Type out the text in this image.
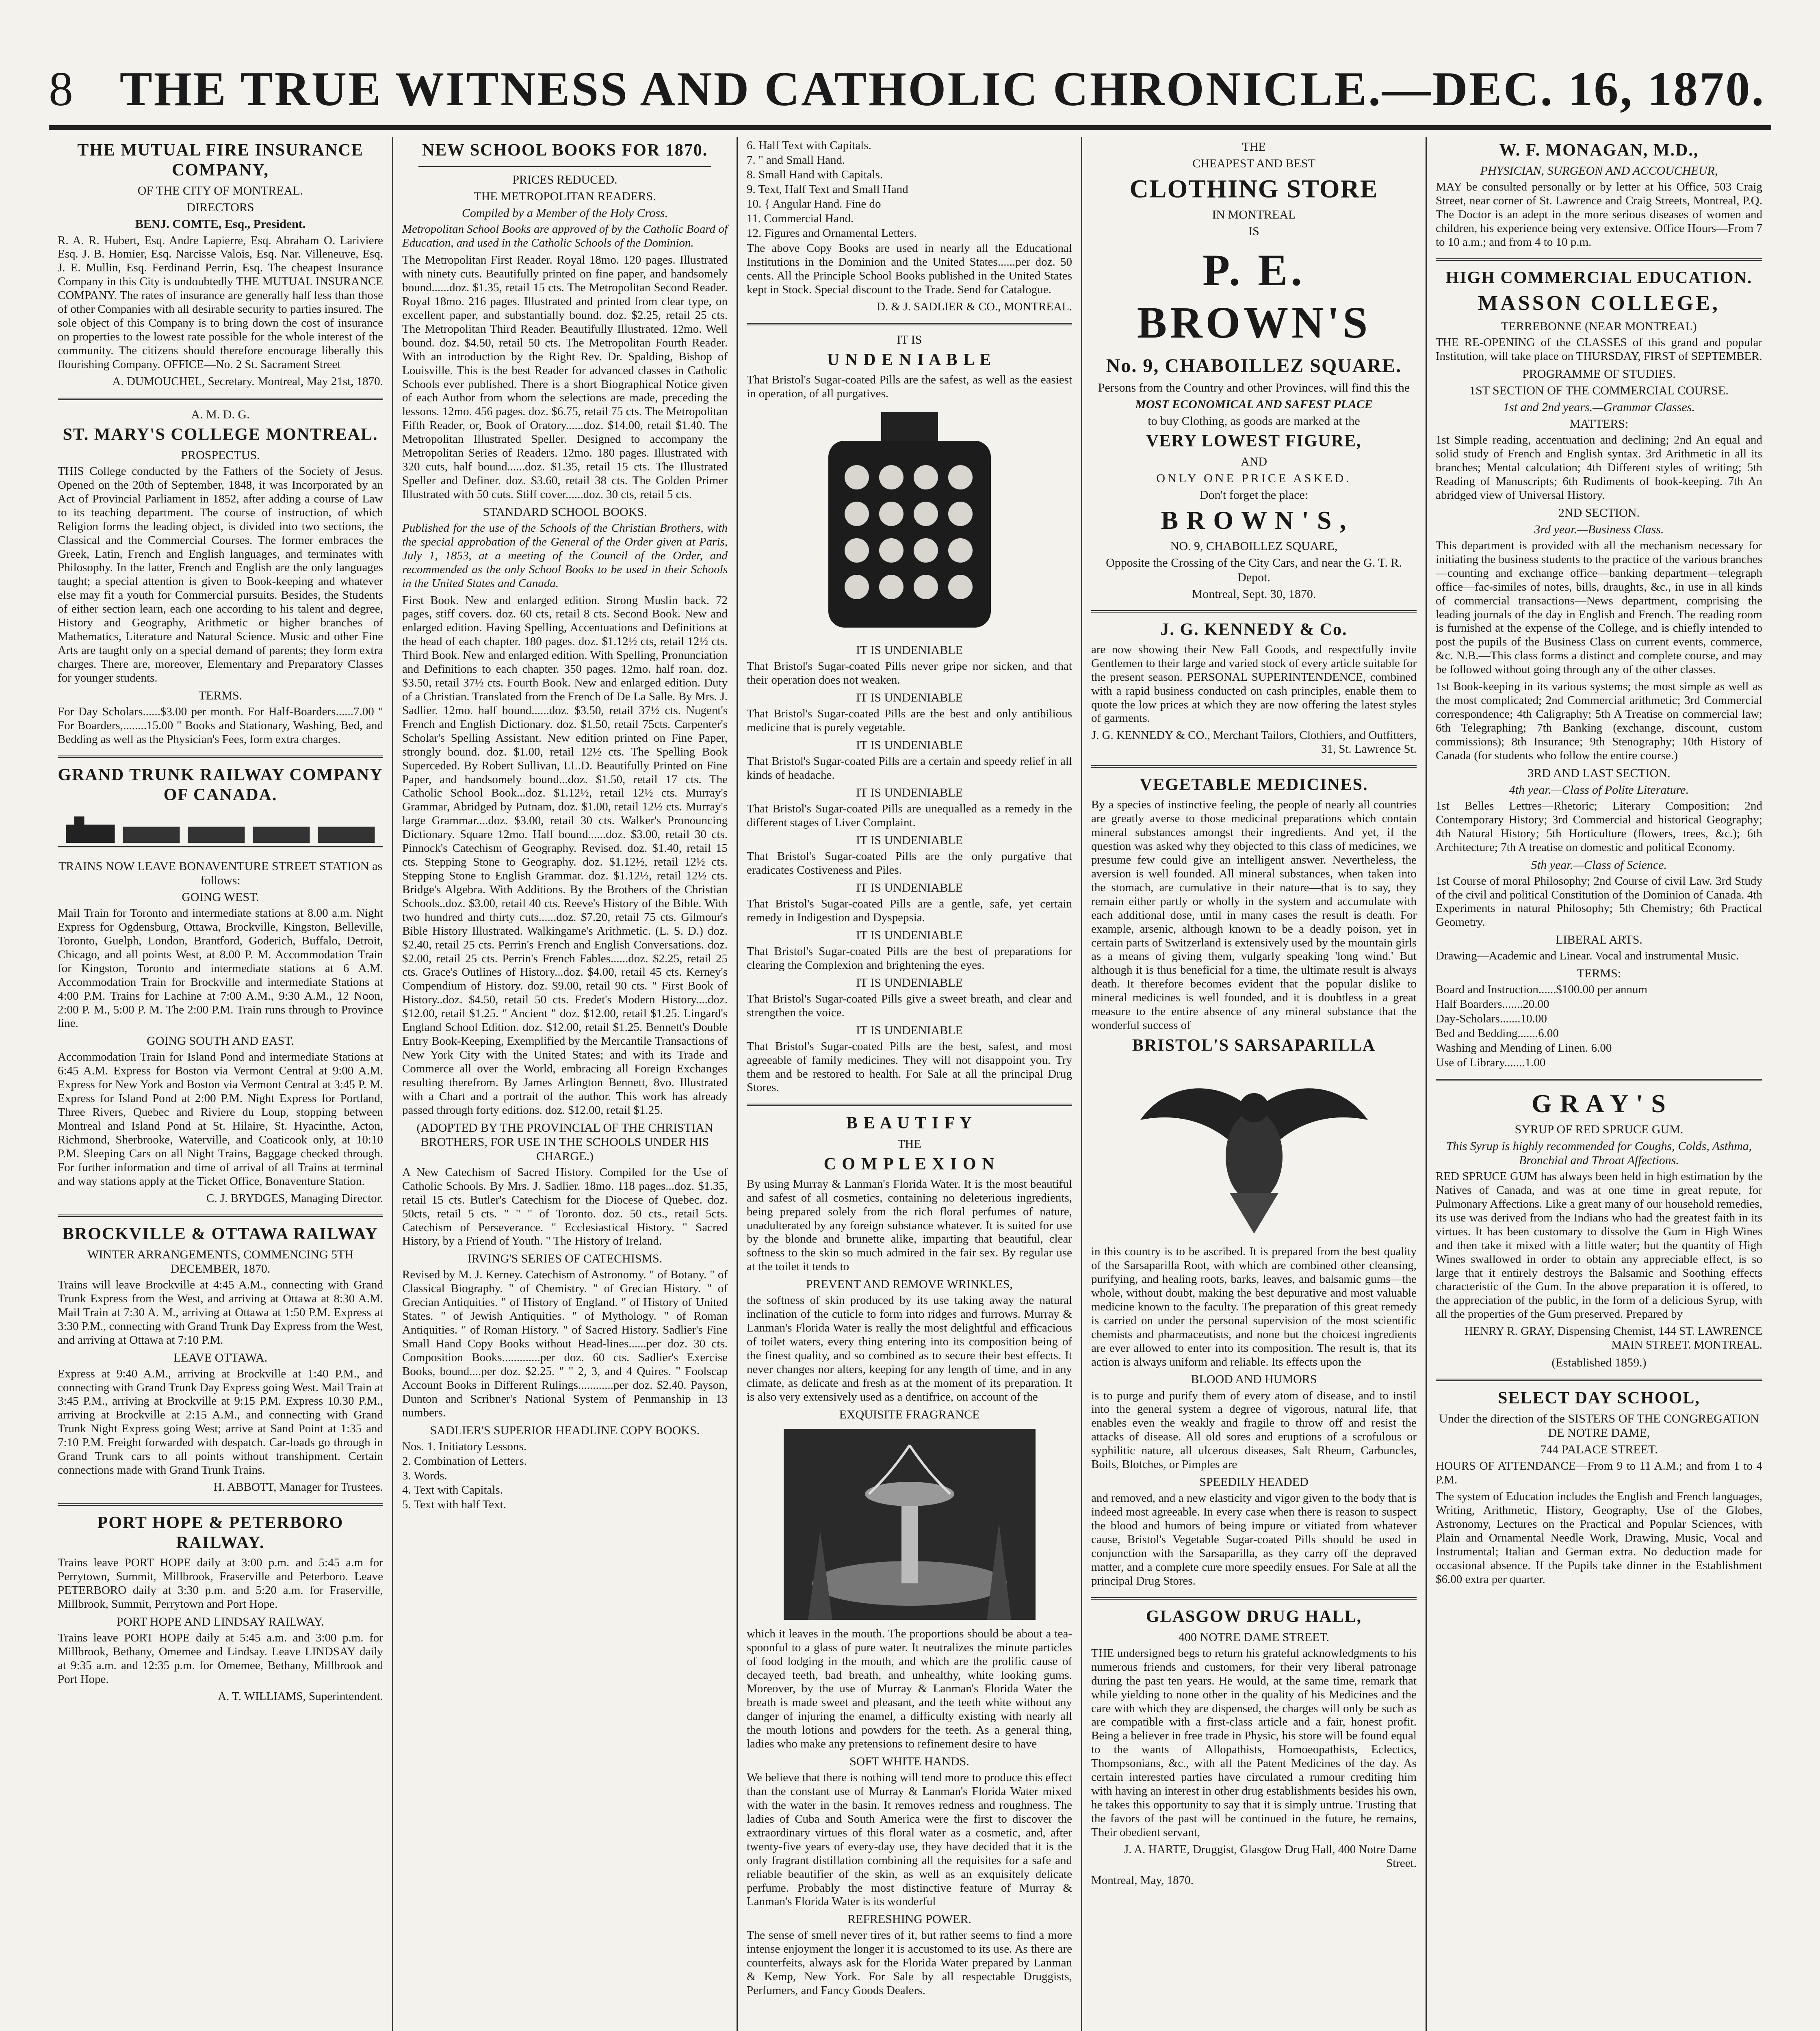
8 THE TRUE WITNESS AND CATHOLIC CHRONICLE.—DEC. 16, 1870.
THE MUTUAL FIRE INSURANCE COMPANY,
OF THE CITY OF MONTREAL.
DIRECTORS
BENJ. COMTE, Esq., President.

R. A. R. Hubert, Esq. Andre Lapierre, Esq. Abraham O. Lariviere Esq. J. B. Homier, Esq. Narcisse Valois, Esq. Nar. Villeneuve, Esq. J. E. Mullin, Esq. Ferdinand Perrin, Esq. The cheapest Insurance Company in this City is undoubtedly THE MUTUAL INSURANCE COMPANY. The rates of insurance are generally half less than those of other Companies with all desirable security to parties insured. The sole object of this Company is to bring down the cost of insurance on properties to the lowest rate possible for the whole interest of the community. The citizens should therefore encourage liberally this flourishing Company. OFFICE—No. 2 St. Sacrament Street

A. DUMOUCHEL, Secretary. Montreal, May 21st, 1870.

A. M. D. G.
ST. MARY'S COLLEGE MONTREAL.
PROSPECTUS.

THIS College conducted by the Fathers of the Society of Jesus. Opened on the 20th of September, 1848, it was Incorporated by an Act of Provincial Parliament in 1852, after adding a course of Law to its teaching department. The course of instruction, of which Religion forms the leading object, is divided into two sections, the Classical and the Commercial Courses. The former embraces the Greek, Latin, French and English languages, and terminates with Philosophy. In the latter, French and English are the only languages taught; a special attention is given to Book-keeping and whatever else may fit a youth for Commercial pursuits. Besides, the Students of either section learn, each one according to his talent and degree, History and Geography, Arithmetic or higher branches of Mathematics, Literature and Natural Science. Music and other Fine Arts are taught only on a special demand of parents; they form extra charges. There are, moreover, Elementary and Preparatory Classes for younger students.

TERMS.

For Day Scholars......$3.00 per month. For Half-Boarders......7.00 " For Boarders,........15.00 " Books and Stationary, Washing, Bed, and Bedding as well as the Physician's Fees, form extra charges.

GRAND TRUNK RAILWAY COMPANY OF CANADA.
TRAINS NOW LEAVE BONAVENTURE STREET STATION as follows:
GOING WEST.

Mail Train for Toronto and intermediate stations at 8.00 a.m. Night Express for Ogdensburg, Ottawa, Brockville, Kingston, Belleville, Toronto, Guelph, London, Brantford, Goderich, Buffalo, Detroit, Chicago, and all points West, at 8.00 P. M. Accommodation Train for Kingston, Toronto and intermediate stations at 6 A.M. Accommodation Train for Brockville and intermediate Stations at 4:00 P.M. Trains for Lachine at 7:00 A.M., 9:30 A.M., 12 Noon, 2:00 P. M., 5:00 P. M. The 2:00 P.M. Train runs through to Province line.

GOING SOUTH AND EAST.

Accommodation Train for Island Pond and intermediate Stations at 6:45 A.M. Express for Boston via Vermont Central at 9:00 A.M. Express for New York and Boston via Vermont Central at 3:45 P. M. Express for Island Pond at 2:00 P.M. Night Express for Portland, Three Rivers, Quebec and Riviere du Loup, stopping between Montreal and Island Pond at St. Hilaire, St. Hyacinthe, Acton, Richmond, Sherbrooke, Waterville, and Coaticook only, at 10:10 P.M. Sleeping Cars on all Night Trains, Baggage checked through. For further information and time of arrival of all Trains at terminal and way stations apply at the Ticket Office, Bonaventure Station.

C. J. BRYDGES, Managing Director.

BROCKVILLE & OTTAWA RAILWAY
WINTER ARRANGEMENTS, COMMENCING 5TH DECEMBER, 1870.

Trains will leave Brockville at 4:45 A.M., connecting with Grand Trunk Express from the West, and arriving at Ottawa at 8:30 A.M. Mail Train at 7:30 A. M., arriving at Ottawa at 1:50 P.M. Express at 3:30 P.M., connecting with Grand Trunk Day Express from the West, and arriving at Ottawa at 7:10 P.M.

LEAVE OTTAWA.

Express at 9:40 A.M., arriving at Brockville at 1:40 P.M., and connecting with Grand Trunk Day Express going West. Mail Train at 3:45 P.M., arriving at Brockville at 9:15 P.M. Express 10.30 P.M., arriving at Brockville at 2:15 A.M., and connecting with Grand Trunk Night Express going West; arrive at Sand Point at 1:35 and 7:10 P.M. Freight forwarded with despatch. Car-loads go through in Grand Trunk cars to all points without transhipment. Certain connections made with Grand Trunk Trains.

H. ABBOTT, Manager for Trustees.

PORT HOPE & PETERBORO RAILWAY.

Trains leave PORT HOPE daily at 3:00 p.m. and 5:45 a.m for Perrytown, Summit, Millbrook, Fraserville and Peterboro. Leave PETERBORO daily at 3:30 p.m. and 5:20 a.m. for Fraserville, Millbrook, Summit, Perrytown and Port Hope.

PORT HOPE AND LINDSAY RAILWAY.

Trains leave PORT HOPE daily at 5:45 a.m. and 3:00 p.m. for Millbrook, Bethany, Omemee and Lindsay. Leave LINDSAY daily at 9:35 a.m. and 12:35 p.m. for Omemee, Bethany, Millbrook and Port Hope.

A. T. WILLIAMS, Superintendent.

NEW SCHOOL BOOKS FOR 1870.
PRICES REDUCED.
THE METROPOLITAN READERS.
Compiled by a Member of the Holy Cross.

Metropolitan School Books are approved of by the Catholic Board of Education, and used in the Catholic Schools of the Dominion.

The Metropolitan First Reader. Royal 18mo. 120 pages. Illustrated with ninety cuts. Beautifully printed on fine paper, and handsomely bound......doz. $1.35, retail 15 cts. The Metropolitan Second Reader. Royal 18mo. 216 pages. Illustrated and printed from clear type, on excellent paper, and substantially bound. doz. $2.25, retail 25 cts. The Metropolitan Third Reader. Beautifully Illustrated. 12mo. Well bound. doz. $4.50, retail 50 cts. The Metropolitan Fourth Reader. With an introduction by the Right Rev. Dr. Spalding, Bishop of Louisville. This is the best Reader for advanced classes in Catholic Schools ever published. There is a short Biographical Notice given of each Author from whom the selections are made, preceding the lessons. 12mo. 456 pages. doz. $6.75, retail 75 cts. The Metropolitan Fifth Reader, or, Book of Oratory......doz. $14.00, retail $1.40. The Metropolitan Illustrated Speller. Designed to accompany the Metropolitan Series of Readers. 12mo. 180 pages. Illustrated with 320 cuts, half bound......doz. $1.35, retail 15 cts. The Illustrated Speller and Definer. doz. $3.60, retail 38 cts. The Golden Primer Illustrated with 50 cuts. Stiff cover......doz. 30 cts, retail 5 cts.

STANDARD SCHOOL BOOKS.

Published for the use of the Schools of the Christian Brothers, with the special approbation of the General of the Order given at Paris, July 1, 1853, at a meeting of the Council of the Order, and recommended as the only School Books to be used in their Schools in the United States and Canada.

First Book. New and enlarged edition. Strong Muslin back. 72 pages, stiff covers. doz. 60 cts, retail 8 cts. Second Book. New and enlarged edition. Having Spelling, Accentuations and Definitions at the head of each chapter. 180 pages. doz. $1.12½ cts, retail 12½ cts. Third Book. New and enlarged edition. With Spelling, Pronunciation and Definitions to each chapter. 350 pages. 12mo. half roan. doz. $3.50, retail 37½ cts. Fourth Book. New and enlarged edition. Duty of a Christian. Translated from the French of De La Salle. By Mrs. J. Sadlier. 12mo. half bound......doz. $3.50, retail 37½ cts. Nugent's French and English Dictionary. doz. $1.50, retail 75cts. Carpenter's Scholar's Spelling Assistant. New edition printed on Fine Paper, strongly bound. doz. $1.00, retail 12½ cts. The Spelling Book Superceded. By Robert Sullivan, LL.D. Beautifully Printed on Fine Paper, and handsomely bound...doz. $1.50, retail 17 cts. The Catholic School Book...doz. $1.12½, retail 12½ cts. Murray's Grammar, Abridged by Putnam, doz. $1.00, retail 12½ cts. Murray's large Grammar....doz. $3.00, retail 30 cts. Walker's Pronouncing Dictionary. Square 12mo. Half bound......doz. $3.00, retail 30 cts. Pinnock's Catechism of Geography. Revised. doz. $1.40, retail 15 cts. Stepping Stone to Geography. doz. $1.12½, retail 12½ cts. Stepping Stone to English Grammar. doz. $1.12½, retail 12½ cts. Bridge's Algebra. With Additions. By the Brothers of the Christian Schools..doz. $3.00, retail 40 cts. Reeve's History of the Bible. With two hundred and thirty cuts......doz. $7.20, retail 75 cts. Gilmour's Bible History Illustrated. Walkingame's Arithmetic. (L. S. D.) doz. $2.40, retail 25 cts. Perrin's French and English Conversations. doz. $2.00, retail 25 cts. Perrin's French Fables......doz. $2.25, retail 25 cts. Grace's Outlines of History...doz. $4.00, retail 45 cts. Kerney's Compendium of History. doz. $9.00, retail 90 cts. " First Book of History..doz. $4.50, retail 50 cts. Fredet's Modern History....doz. $12.00, retail $1.25. " Ancient " doz. $12.00, retail $1.25. Lingard's England School Edition. doz. $12.00, retail $1.25. Bennett's Double Entry Book-Keeping, Exemplified by the Mercantile Transactions of New York City with the United States; and with its Trade and Commerce all over the World, embracing all Foreign Exchanges resulting therefrom. By James Arlington Bennett, 8vo. Illustrated with a Chart and a portrait of the author. This work has already passed through forty editions. doz. $12.00, retail $1.25.

(ADOPTED BY THE PROVINCIAL OF THE CHRISTIAN BROTHERS, FOR USE IN THE SCHOOLS UNDER HIS CHARGE.)

A New Catechism of Sacred History. Compiled for the Use of Catholic Schools. By Mrs. J. Sadlier. 18mo. 118 pages...doz. $1.35, retail 15 cts. Butler's Catechism for the Diocese of Quebec. doz. 50cts, retail 5 cts. " " " of Toronto. doz. 50 cts., retail 5cts. Catechism of Perseverance. " Ecclesiastical History. " Sacred History, by a Friend of Youth. " The History of Ireland.

IRVING'S SERIES OF CATECHISMS.

Revised by M. J. Kerney. Catechism of Astronomy. " of Botany. " of Classical Biography. " of Chemistry. " of Grecian History. " of Grecian Antiquities. " of History of England. " of History of United States. " of Jewish Antiquities. " of Mythology. " of Roman Antiquities. " of Roman History. " of Sacred History. Sadlier's Fine Small Hand Copy Books without Head-lines......per doz. 30 cts. Composition Books.............per doz. 60 cts. Sadlier's Exercise Books, bound....per doz. $2.25. " " 2, 3, and 4 Quires. " Foolscap Account Books in Different Rulings............per doz. $2.40. Payson, Dunton and Scribner's National System of Penmanship in 13 numbers.

SADLIER'S SUPERIOR HEADLINE COPY BOOKS.
Nos. 1. Initiatory Lessons.
2. Combination of Letters.
3. Words.
4. Text with Capitals.
5. Text with half Text.
6. Half Text with Capitals.
7. " and Small Hand.
8. Small Hand with Capitals.
9. Text, Half Text and Small Hand
10. { Angular Hand. Fine do
11. Commercial Hand.
12. Figures and Ornamental Letters.

The above Copy Books are used in nearly all the Educational Institutions in the Dominion and the United States......per doz. 50 cents. All the Principle School Books published in the United States kept in Stock. Special discount to the Trade. Send for Catalogue.

D. & J. SADLIER & CO., MONTREAL.

IT IS
U N D E N I A B L E

That Bristol's Sugar-coated Pills are the safest, as well as the easiest in operation, of all purgatives.

IT IS UNDENIABLE

That Bristol's Sugar-coated Pills never gripe nor sicken, and that their operation does not weaken.

IT IS UNDENIABLE

That Bristol's Sugar-coated Pills are the best and only antibilious medicine that is purely vegetable.

IT IS UNDENIABLE

That Bristol's Sugar-coated Pills are a certain and speedy relief in all kinds of headache.

IT IS UNDENIABLE

That Bristol's Sugar-coated Pills are unequalled as a remedy in the different stages of Liver Complaint.

IT IS UNDENIABLE

That Bristol's Sugar-coated Pills are the only purgative that eradicates Costiveness and Piles.

IT IS UNDENIABLE

That Bristol's Sugar-coated Pills are a gentle, safe, yet certain remedy in Indigestion and Dyspepsia.

IT IS UNDENIABLE

That Bristol's Sugar-coated Pills are the best of preparations for clearing the Complexion and brightening the eyes.

IT IS UNDENIABLE

That Bristol's Sugar-coated Pills give a sweet breath, and clear and strengthen the voice.

IT IS UNDENIABLE

That Bristol's Sugar-coated Pills are the best, safest, and most agreeable of family medicines. They will not disappoint you. Try them and be restored to health. For Sale at all the principal Drug Stores.

B E A U T I F Y
THE
C O M P L E X I O N

By using Murray & Lanman's Florida Water. It is the most beautiful and safest of all cosmetics, containing no deleterious ingredients, being prepared solely from the rich floral perfumes of nature, unadulterated by any foreign substance whatever. It is suited for use by the blonde and brunette alike, imparting that beautiful, clear softness to the skin so much admired in the fair sex. By regular use at the toilet it tends to

PREVENT AND REMOVE WRINKLES,

the softness of skin produced by its use taking away the natural inclination of the cuticle to form into ridges and furrows. Murray & Lanman's Florida Water is really the most delightful and efficacious of toilet waters, every thing entering into its composition being of the finest quality, and so combined as to secure their best effects. It never changes nor alters, keeping for any length of time, and in any climate, as delicate and fresh as at the moment of its preparation. It is also very extensively used as a dentifrice, on account of the

EXQUISITE FRAGRANCE

which it leaves in the mouth. The proportions should be about a tea-spoonful to a glass of pure water. It neutralizes the minute particles of food lodging in the mouth, and which are the prolific cause of decayed teeth, bad breath, and unhealthy, white looking gums. Moreover, by the use of Murray & Lanman's Florida Water the breath is made sweet and pleasant, and the teeth white without any danger of injuring the enamel, a difficulty existing with nearly all the mouth lotions and powders for the teeth. As a general thing, ladies who make any pretensions to refinement desire to have

SOFT WHITE HANDS.

We believe that there is nothing will tend more to produce this effect than the constant use of Murray & Lanman's Florida Water mixed with the water in the basin. It removes redness and roughness. The ladies of Cuba and South America were the first to discover the extraordinary virtues of this floral water as a cosmetic, and, after twenty-five years of every-day use, they have decided that it is the only fragrant distillation combining all the requisites for a safe and reliable beautifier of the skin, as well as an exquisitely delicate perfume. Probably the most distinctive feature of Murray & Lanman's Florida Water is its wonderful

REFRESHING POWER.

The sense of smell never tires of it, but rather seems to find a more intense enjoyment the longer it is accustomed to its use. As there are counterfeits, always ask for the Florida Water prepared by Lanman & Kemp, New York. For Sale by all respectable Druggists, Perfumers, and Fancy Goods Dealers.

THE
CHEAPEST AND BEST
CLOTHING STORE
IN MONTREAL
IS
P. E. BROWN'S
No. 9, CHABOILLEZ SQUARE.
Persons from the Country and other Provinces, will find this the
MOST ECONOMICAL AND SAFEST PLACE
to buy Clothing, as goods are marked at the
VERY LOWEST FIGURE,
AND
ONLY ONE PRICE ASKED.
Don't forget the place:
B R O W N ' S ,
NO. 9, CHABOILLEZ SQUARE,
Opposite the Crossing of the City Cars, and near the G. T. R. Depot.
Montreal, Sept. 30, 1870.
J. G. KENNEDY & Co.

are now showing their New Fall Goods, and respectfully invite Gentlemen to their large and varied stock of every article suitable for the present season. PERSONAL SUPERINTENDENCE, combined with a rapid business conducted on cash principles, enable them to quote the low prices at which they are now offering the latest styles of garments.

J. G. KENNEDY & CO., Merchant Tailors, Clothiers, and Outfitters, 31, St. Lawrence St.

VEGETABLE MEDICINES.

By a species of instinctive feeling, the people of nearly all countries are greatly averse to those medicinal preparations which contain mineral substances amongst their ingredients. And yet, if the question was asked why they objected to this class of medicines, we presume few could give an intelligent answer. Nevertheless, the aversion is well founded. All mineral substances, when taken into the stomach, are cumulative in their nature—that is to say, they remain either partly or wholly in the system and accumulate with each additional dose, until in many cases the result is death. For example, arsenic, although known to be a deadly poison, yet in certain parts of Switzerland is extensively used by the mountain girls as a means of giving them, vulgarly speaking 'long wind.' But although it is thus beneficial for a time, the ultimate result is always death. It therefore becomes evident that the popular dislike to mineral medicines is well founded, and it is doubtless in a great measure to the entire absence of any mineral substance that the wonderful success of

BRISTOL'S SARSAPARILLA

in this country is to be ascribed. It is prepared from the best quality of the Sarsaparilla Root, with which are combined other cleansing, purifying, and healing roots, barks, leaves, and balsamic gums—the whole, without doubt, making the best depurative and most valuable medicine known to the faculty. The preparation of this great remedy is carried on under the personal supervision of the most scientific chemists and pharmaceutists, and none but the choicest ingredients are ever allowed to enter into its composition. The result is, that its action is always uniform and reliable. Its effects upon the

BLOOD AND HUMORS

is to purge and purify them of every atom of disease, and to instil into the general system a degree of vigorous, natural life, that enables even the weakly and fragile to throw off and resist the attacks of disease. All old sores and eruptions of a scrofulous or syphilitic nature, all ulcerous diseases, Salt Rheum, Carbuncles, Boils, Blotches, or Pimples are

SPEEDILY HEADED

and removed, and a new elasticity and vigor given to the body that is indeed most agreeable. In every case when there is reason to suspect the blood and humors of being impure or vitiated from whatever cause, Bristol's Vegetable Sugar-coated Pills should be used in conjunction with the Sarsaparilla, as they carry off the depraved matter, and a complete cure more speedily ensues. For Sale at all the principal Drug Stores.

GLASGOW DRUG HALL,
400 NOTRE DAME STREET.

THE undersigned begs to return his grateful acknowledgments to his numerous friends and customers, for their very liberal patronage during the past ten years. He would, at the same time, remark that while yielding to none other in the quality of his Medicines and the care with which they are dispensed, the charges will only be such as are compatible with a first-class article and a fair, honest profit. Being a believer in free trade in Physic, his store will be found equal to the wants of Allopathists, Homoeopathists, Eclectics, Thompsonians, &c., with all the Patent Medicines of the day. As certain interested parties have circulated a rumour crediting him with having an interest in other drug establishments besides his own, he takes this opportunity to say that it is simply untrue. Trusting that the favors of the past will be continued in the future, he remains, Their obedient servant,

J. A. HARTE, Druggist, Glasgow Drug Hall, 400 Notre Dame Street.

Montreal, May, 1870.

W. F. MONAGAN, M.D.,
PHYSICIAN, SURGEON AND ACCOUCHEUR,

MAY be consulted personally or by letter at his Office, 503 Craig Street, near corner of St. Lawrence and Craig Streets, Montreal, P.Q. The Doctor is an adept in the more serious diseases of women and children, his experience being very extensive. Office Hours—From 7 to 10 a.m.; and from 4 to 10 p.m.

HIGH COMMERCIAL EDUCATION.
MASSON COLLEGE,
TERREBONNE (NEAR MONTREAL)

THE RE-OPENING of the CLASSES of this grand and popular Institution, will take place on THURSDAY, FIRST of SEPTEMBER.

PROGRAMME OF STUDIES.
1ST SECTION OF THE COMMERCIAL COURSE.
1st and 2nd years.—Grammar Classes.
MATTERS:

1st Simple reading, accentuation and declining; 2nd An equal and solid study of French and English syntax. 3rd Arithmetic in all its branches; Mental calculation; 4th Different styles of writing; 5th Reading of Manuscripts; 6th Rudiments of book-keeping. 7th An abridged view of Universal History.

2ND SECTION.
3rd year.—Business Class.

This department is provided with all the mechanism necessary for initiating the business students to the practice of the various branches—counting and exchange office—banking department—telegraph office—fac-similes of notes, bills, draughts, &c., in use in all kinds of commercial transactions—News department, comprising the leading journals of the day in English and French. The reading room is furnished at the expense of the College, and is chiefly intended to post the pupils of the Business Class on current events, commerce, &c. N.B.—This class forms a distinct and complete course, and may be followed without going through any of the other classes.

1st Book-keeping in its various systems; the most simple as well as the most complicated; 2nd Commercial arithmetic; 3rd Commercial correspondence; 4th Caligraphy; 5th A Treatise on commercial law; 6th Telegraphing; 7th Banking (exchange, discount, custom commissions); 8th Insurance; 9th Stenography; 10th History of Canada (for students who follow the entire course.)

3RD AND LAST SECTION.
4th year.—Class of Polite Literature.

1st Belles Lettres—Rhetoric; Literary Composition; 2nd Contemporary History; 3rd Commercial and historical Geography; 4th Natural History; 5th Horticulture (flowers, trees, &c.); 6th Architecture; 7th A treatise on domestic and political Economy.

5th year.—Class of Science.

1st Course of moral Philosophy; 2nd Course of civil Law. 3rd Study of the civil and political Constitution of the Dominion of Canada. 4th Experiments in natural Philosophy; 5th Chemistry; 6th Practical Geometry.

LIBERAL ARTS.

Drawing—Academic and Linear. Vocal and instrumental Music.

TERMS:
Board and Instruction......$100.00 per annum
Half Boarders.......20.00
Day-Scholars.......10.00
Bed and Bedding.......6.00
Washing and Mending of Linen. 6.00
Use of Library.......1.00
G R A Y ' S
SYRUP OF RED SPRUCE GUM.
This Syrup is highly recommended for Coughs, Colds, Asthma, Bronchial and Throat Affections.

RED SPRUCE GUM has always been held in high estimation by the Natives of Canada, and was at one time in great repute, for Pulmonary Affections. Like a great many of our household remedies, its use was derived from the Indians who had the greatest faith in its virtues. It has been customary to dissolve the Gum in High Wines and then take it mixed with a little water; but the quantity of High Wines swallowed in order to obtain any appreciable effect, is so large that it entirely destroys the Balsamic and Soothing effects characteristic of the Gum. In the above preparation it is offered, to the appreciation of the public, in the form of a delicious Syrup, with all the properties of the Gum preserved. Prepared by

HENRY R. GRAY, Dispensing Chemist, 144 ST. LAWRENCE MAIN STREET. MONTREAL.

(Established 1859.)
SELECT DAY SCHOOL,
Under the direction of the SISTERS OF THE CONGREGATION DE NOTRE DAME,
744 PALACE STREET.

HOURS OF ATTENDANCE—From 9 to 11 A.M.; and from 1 to 4 P.M.

The system of Education includes the English and French languages, Writing, Arithmetic, History, Geography, Use of the Globes, Astronomy, Lectures on the Practical and Popular Sciences, with Plain and Ornamental Needle Work, Drawing, Music, Vocal and Instrumental; Italian and German extra. No deduction made for occasional absence. If the Pupils take dinner in the Establishment $6.00 extra per quarter.
